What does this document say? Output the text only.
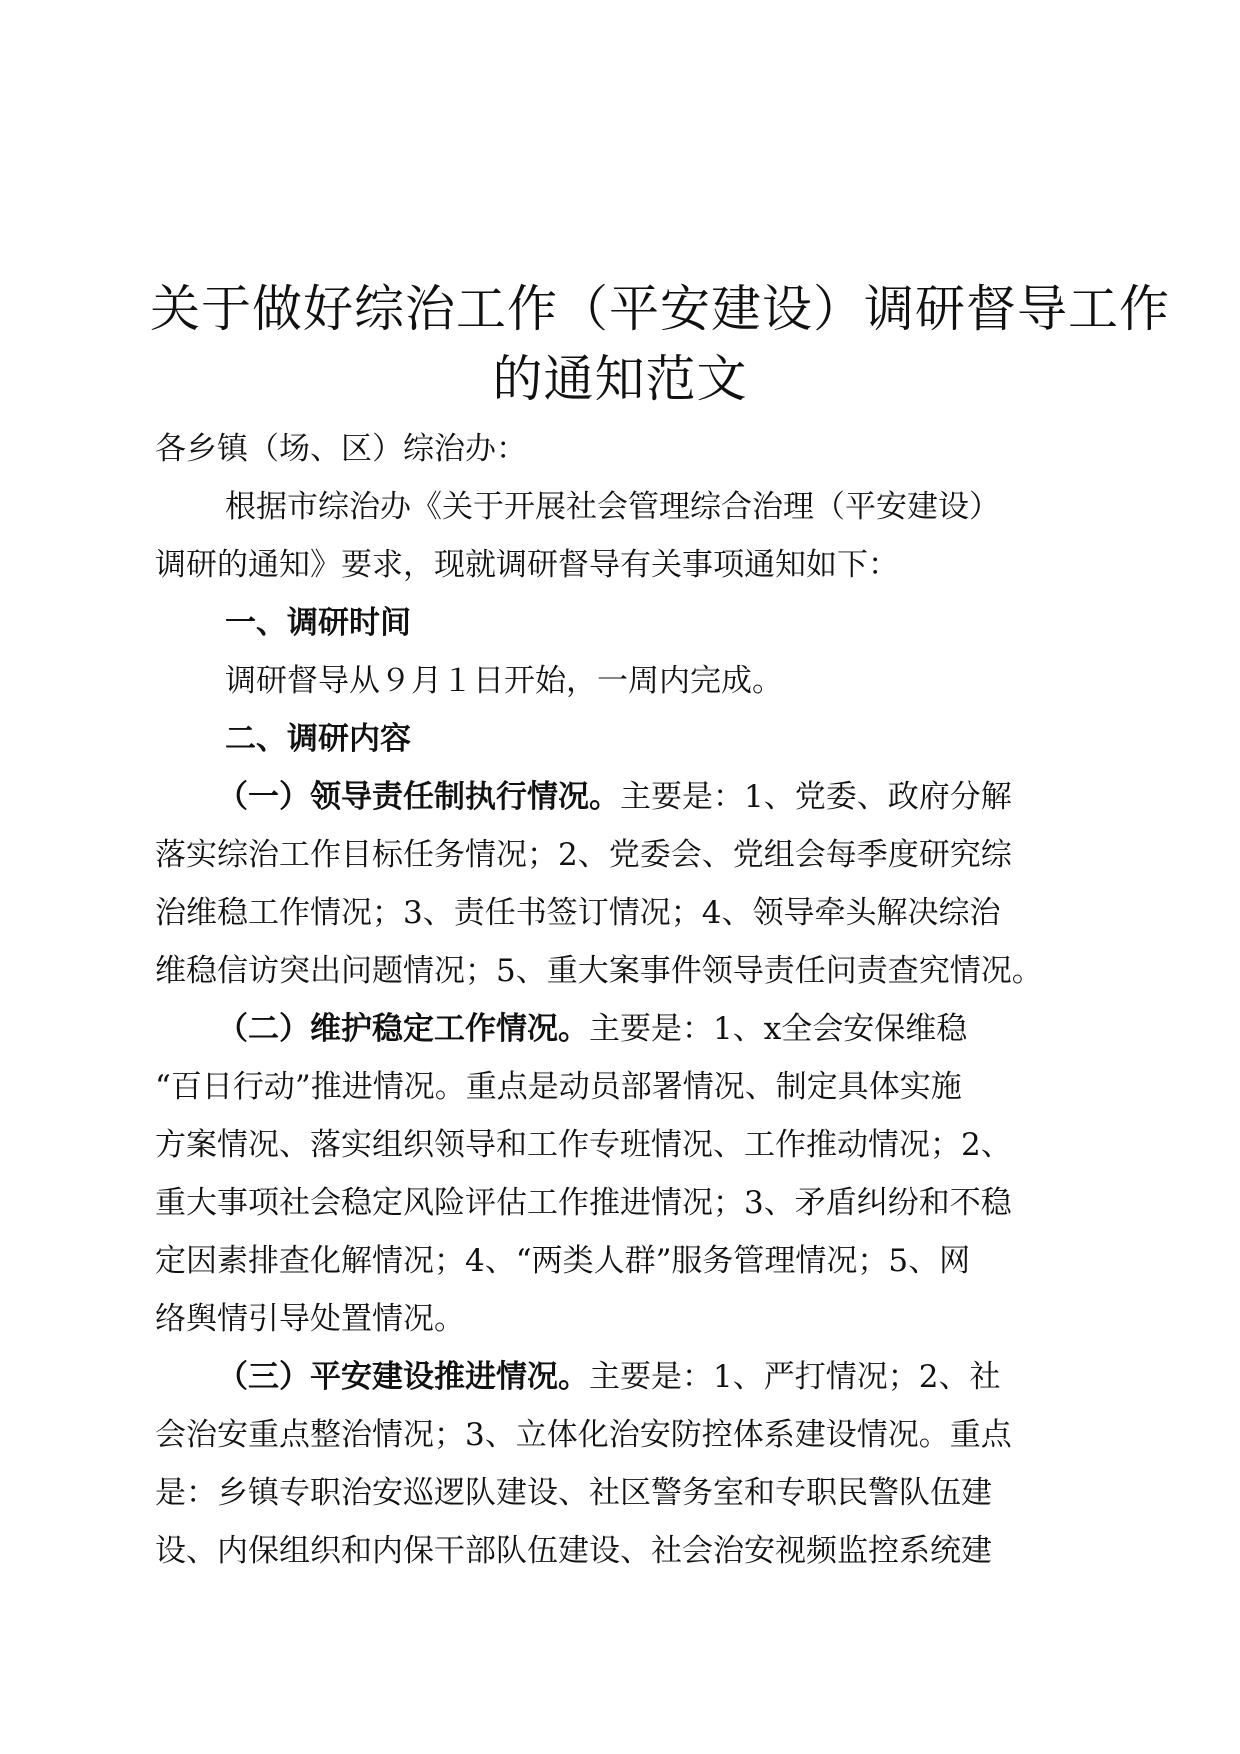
关于做好综治工作（平安建设）调研督导工作
的通知范文
各乡镇（场、区）综治办：
根据市综治办《关于开展社会管理综合治理（平安建设）
调研的通知》要求，现就调研督导有关事项通知如下：
一、调研时间
调研督导从９月１日开始，一周内完成。
二、调研内容
（一）领导责任制执行情况。主要是：1、党委、政府分解
落实综治工作目标任务情况；2、党委会、党组会每季度研究综
治维稳工作情况；3、责任书签订情况；4、领导牵头解决综治
维稳信访突出问题情况；5、重大案事件领导责任问责查究情况。
（二）维护稳定工作情况。主要是：1、x全会安保维稳
“百日行动”推进情况。重点是动员部署情况、制定具体实施
方案情况、落实组织领导和工作专班情况、工作推动情况；2、
重大事项社会稳定风险评估工作推进情况；3、矛盾纠纷和不稳
定因素排查化解情况；4、“两类人群”服务管理情况；5、网
络舆情引导处置情况。
（三）平安建设推进情况。主要是：1、严打情况；2、社
会治安重点整治情况；3、立体化治安防控体系建设情况。重点
是：乡镇专职治安巡逻队建设、社区警务室和专职民警队伍建
设、内保组织和内保干部队伍建设、社会治安视频监控系统建
